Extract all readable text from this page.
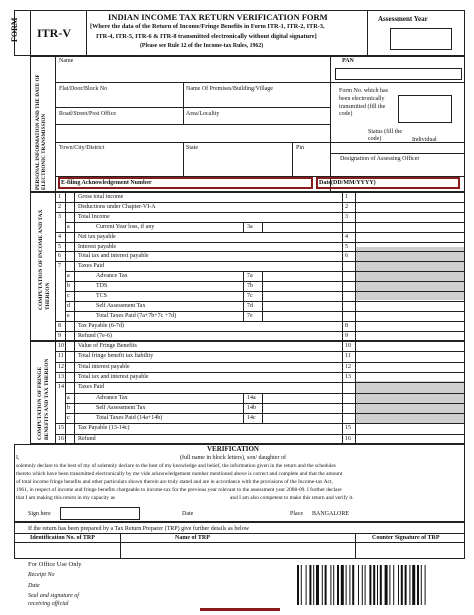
FORM ITR-V
INDIAN INCOME TAX RETURN VERIFICATION FORM
[Where the data of the Return of Income/Fringe Benefits in Form ITR-1, ITR-2, ITR-3,
ITR-4, ITR-5, ITR-6 & ITR-8 transmitted electronically without digital signature]
(Please see Rule 12 of the Income-tax Rules, 1962)
Assessment Year
PERSONAL INFORMATION AND THE DATE OF ELECTRONIC TRANSMISSION
Name	PAN
Flat/Door/Block No	Name Of Premises/Building/Village	Form No. which has been electronically transmitted (fill the code)
Road/Street/Post Office	Area/Locality
Town/City/District	State	Pin
Status (fill the code)	Individual
Designation of Assessing Officer
E-filing Acknowledgement Number	Date(DD/MM/YYYY)
COMPUTATION OF INCOME AND TAX THEREON
1	Gross total income	1
2	Deductions under Chapter-VI-A	2
3	Total Income	3
a	Current Year loss, if any	3a
4	Net tax payable	4
5	Interest payable	5
6	Total tax and interest payable	6
7	Taxes Paid
a	Advance Tax	7a
b	TDS	7b
c	TCS	7c
d	Self Assessment Tax	7d
e	Total Taxes Paid (7a+7b+7c +7d)	7e
8	Tax Payable (6-7d)	8
9	Refund (7e-6)	9
COMPUTATION OF FRINGE BENEFITS AND TAX THEREON
10 Value of Fringe Benefits	10
11 Total fringe benefit tax liability	11
12 Total interest payable	12
13 Total tax and interest payable	13
14 Taxes Paid
a	Advance Tax	14a
b	Self Assessment Tax	14b
c	Total Taxes Paid (14a+14b)	14c
15 Tax Payable (13-14c)	15
16 Refund	16
VERIFICATION
I,	(full name in block letters), son/ daughter of
solemnly declare to the best of my of solemnly declare to the best of my knowledge and belief, the information given in the return and the schedules
thereto which have been transmitted electronically by me vide acknowledgement number mentioned above is correct and complete and that the amount
of total income fringe benefits and other particulars shown therein are truly stated and are in accordance with the provisions of the Income-tax Act,
1961, in respect of income and fringe benefits chargeable to income-tax for the previous year relevant to the assessment year 2008-09. I further declare
that I am making this return in my capacity as	and I am also competent to make this return and verify it.
Sign here	Date	Place BANGALORE
If the return has been prepared by a Tax Return Preparer (TRP) give further details as below
Identification No. of TRP	Name of TRP	Counter Signature of TRP
For Office Use Only
Receipt No
Date
Seal and signature of receiving official
